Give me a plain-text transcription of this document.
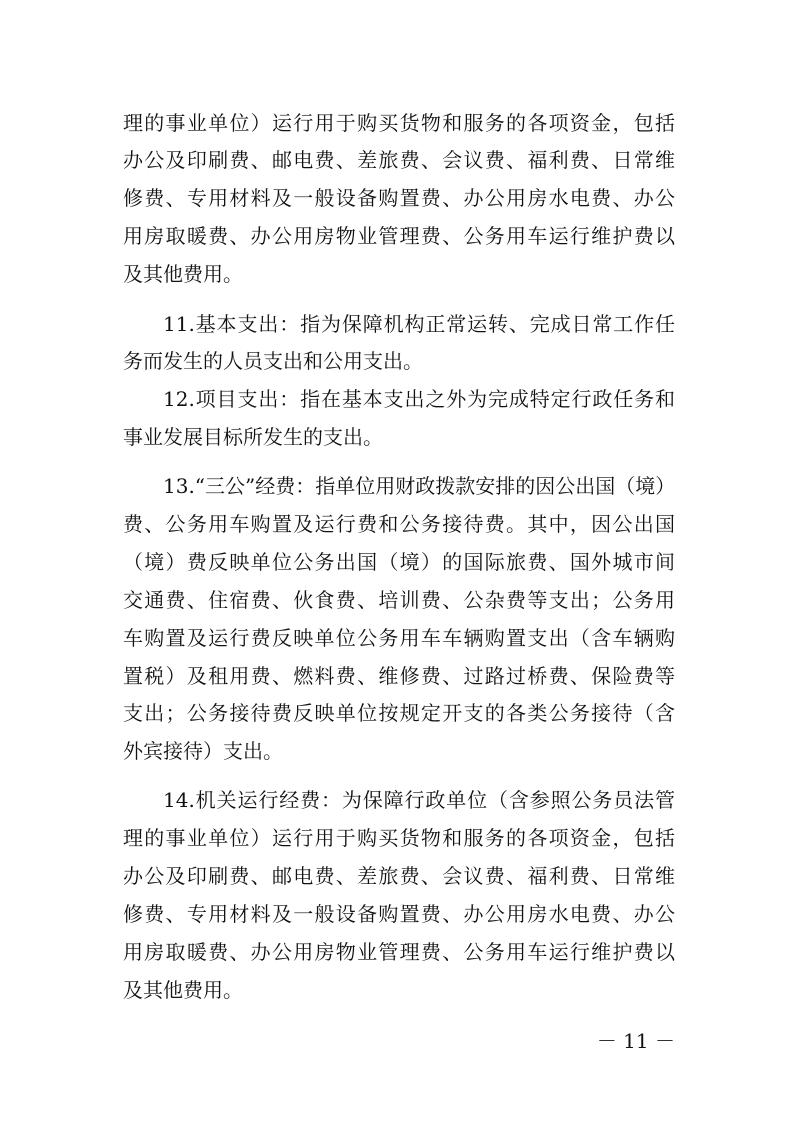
理的事业单位）运行用于购买货物和服务的各项资金，包括
办公及印刷费、邮电费、差旅费、会议费、福利费、日常维
修费、专用材料及一般设备购置费、办公用房水电费、办公
用房取暖费、办公用房物业管理费、公务用车运行维护费以
及其他费用。
11.基本支出：指为保障机构正常运转、完成日常工作任
务而发生的人员支出和公用支出。
12.项目支出：指在基本支出之外为完成特定行政任务和
事业发展目标所发生的支出。
13.“三公”经费：指单位用财政拨款安排的因公出国（境）
费、公务用车购置及运行费和公务接待费。其中，因公出国
（境）费反映单位公务出国（境）的国际旅费、国外城市间
交通费、住宿费、伙食费、培训费、公杂费等支出；公务用
车购置及运行费反映单位公务用车车辆购置支出（含车辆购
置税）及租用费、燃料费、维修费、过路过桥费、保险费等
支出；公务接待费反映单位按规定开支的各类公务接待（含
外宾接待）支出。
14.机关运行经费：为保障行政单位（含参照公务员法管
理的事业单位）运行用于购买货物和服务的各项资金，包括
办公及印刷费、邮电费、差旅费、会议费、福利费、日常维
修费、专用材料及一般设备购置费、办公用房水电费、办公
用房取暖费、办公用房物业管理费、公务用车运行维护费以
及其他费用。
－ 11 －
